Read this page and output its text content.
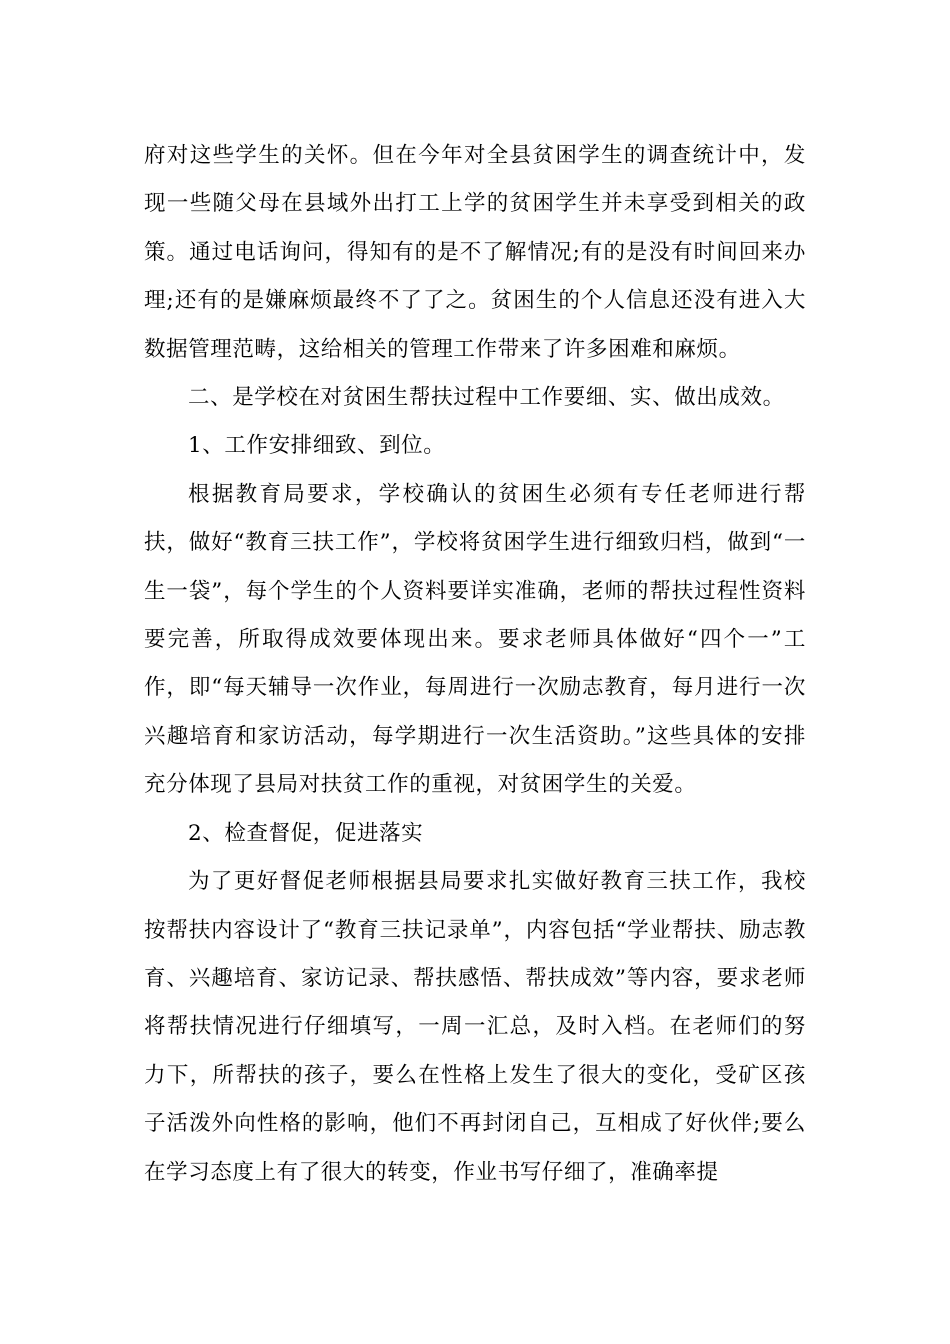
府对这些学生的关怀。但在今年对全县贫困学生的调查统计中，发现一些随父母在县域外出打工上学的贫困学生并未享受到相关的政策。通过电话询问，得知有的是不了解情况;有的是没有时间回来办理;还有的是嫌麻烦最终不了了之。贫困生的个人信息还没有进入大数据管理范畴，这给相关的管理工作带来了许多困难和麻烦。

二、是学校在对贫困生帮扶过程中工作要细、实、做出成效。

1、工作安排细致、到位。

根据教育局要求，学校确认的贫困生必须有专任老师进行帮扶，做好“教育三扶工作”，学校将贫困学生进行细致归档，做到“一生一袋”，每个学生的个人资料要详实准确，老师的帮扶过程性资料要完善，所取得成效要体现出来。要求老师具体做好“四个一”工作，即“每天辅导一次作业，每周进行一次励志教育，每月进行一次兴趣培育和家访活动，每学期进行一次生活资助。”这些具体的安排充分体现了县局对扶贫工作的重视，对贫困学生的关爱。

2、检查督促，促进落实

为了更好督促老师根据县局要求扎实做好教育三扶工作，我校按帮扶内容设计了“教育三扶记录单”，内容包括“学业帮扶、励志教育、兴趣培育、家访记录、帮扶感悟、帮扶成效”等内容，要求老师将帮扶情况进行仔细填写，一周一汇总，及时入档。在老师们的努力下，所帮扶的孩子，要么在性格上发生了很大的变化，受矿区孩子活泼外向性格的影响，他们不再封闭自己，互相成了好伙伴;要么在学习态度上有了很大的转变，作业书写仔细了，准确率提
